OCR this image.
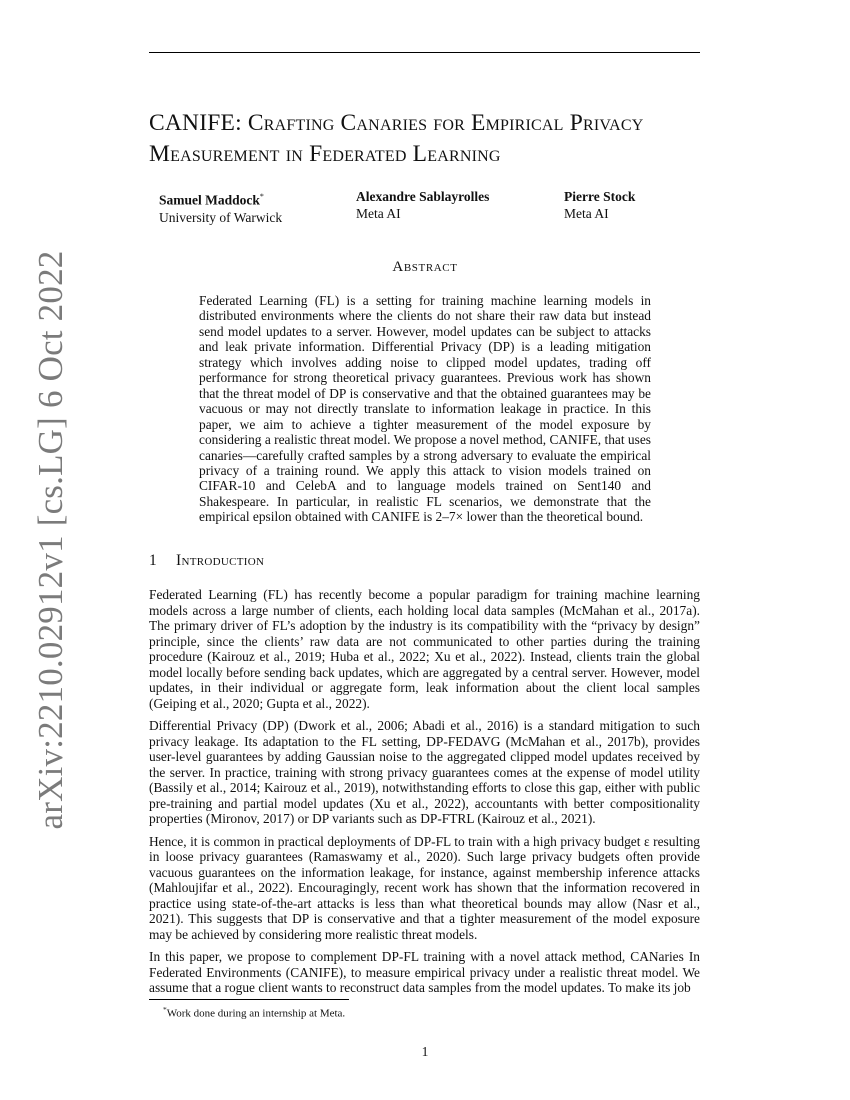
arXiv:2210.02912v1 [cs.LG] 6 Oct 2022
CANIFE: Crafting Canaries for Empirical Privacy Measurement in Federated Learning
Samuel Maddock*
University of Warwick
Alexandre Sablayrolles
Meta AI
Pierre Stock
Meta AI
Abstract

Federated Learning (FL) is a setting for training machine learning models in distributed environments where the clients do not share their raw data but instead send model updates to a server. However, model updates can be subject to attacks and leak private information. Differential Privacy (DP) is a leading mitigation strategy which involves adding noise to clipped model updates, trading off performance for strong theoretical privacy guarantees. Previous work has shown that the threat model of DP is conservative and that the obtained guarantees may be vacuous or may not directly translate to information leakage in practice. In this paper, we aim to achieve a tighter measurement of the model exposure by considering a realistic threat model. We propose a novel method, CANIFE, that uses canaries—carefully crafted samples by a strong adversary to evaluate the empirical privacy of a training round. We apply this attack to vision models trained on CIFAR-10 and CelebA and to language models trained on Sent140 and Shakespeare. In particular, in realistic FL scenarios, we demonstrate that the empirical epsilon obtained with CANIFE is 2–7× lower than the theoretical bound.

1 Introduction

Federated Learning (FL) has recently become a popular paradigm for training machine learning models across a large number of clients, each holding local data samples (McMahan et al., 2017a). The primary driver of FL’s adoption by the industry is its compatibility with the “privacy by design” principle, since the clients’ raw data are not communicated to other parties during the training procedure (Kairouz et al., 2019; Huba et al., 2022; Xu et al., 2022). Instead, clients train the global model locally before sending back updates, which are aggregated by a central server. However, model updates, in their individual or aggregate form, leak information about the client local samples (Geiping et al., 2020; Gupta et al., 2022).

Differential Privacy (DP) (Dwork et al., 2006; Abadi et al., 2016) is a standard mitigation to such privacy leakage. Its adaptation to the FL setting, DP-FEDAVG (McMahan et al., 2017b), provides user-level guarantees by adding Gaussian noise to the aggregated clipped model updates received by the server. In practice, training with strong privacy guarantees comes at the expense of model utility (Bassily et al., 2014; Kairouz et al., 2019), notwithstanding efforts to close this gap, either with public pre-training and partial model updates (Xu et al., 2022), accountants with better compositionality properties (Mironov, 2017) or DP variants such as DP-FTRL (Kairouz et al., 2021).

Hence, it is common in practical deployments of DP-FL to train with a high privacy budget ε resulting in loose privacy guarantees (Ramaswamy et al., 2020). Such large privacy budgets often provide vacuous guarantees on the information leakage, for instance, against membership inference attacks (Mahloujifar et al., 2022). Encouragingly, recent work has shown that the information recovered in practice using state-of-the-art attacks is less than what theoretical bounds may allow (Nasr et al., 2021). This suggests that DP is conservative and that a tighter measurement of the model exposure may be achieved by considering more realistic threat models.

In this paper, we propose to complement DP-FL training with a novel attack method, CANaries In Federated Environments (CANIFE), to measure empirical privacy under a realistic threat model. We assume that a rogue client wants to reconstruct data samples from the model updates. To make its job

*Work done during an internship at Meta.
1
